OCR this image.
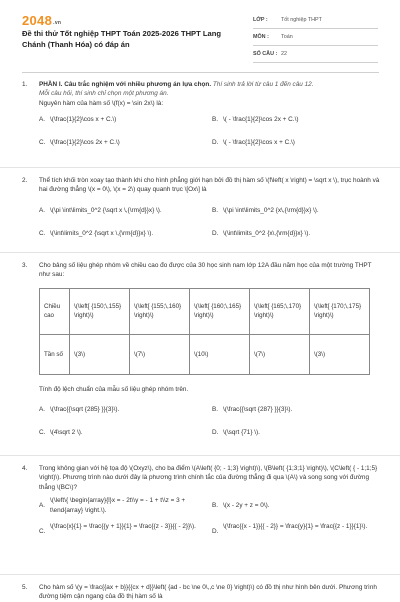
2048.vn
Đề thi thử Tốt nghiệp THPT Toán 2025-2026 THPT Lang Chánh (Thanh Hóa) có đáp án
LỚP :	Tốt nghiệp THPT
MÔN :	Toán
SỐ CÂU : 22
1. PHẦN I. Câu trắc nghiệm với nhiều phương án lựa chọn. Thí sinh trả lời từ câu 1 đến câu 12.
Mỗi câu hỏi, thí sinh chỉ chọn một phương án.
Nguyên hàm của hàm số \(f(x) = \sin 2x\) là:
A. \(\frac{1}{2}\cos x + C.\)	B. \( - \frac{1}{2}\cos 2x + C.\)
C. \(\frac{1}{2}\cos 2x + C.\)	D. \( - \frac{1}{2}\cos x + C.\)
2. Thể tích khối tròn xoay tạo thành khi cho hình phẳng giới hạn bởi đồ thị hàm số \(f\left( x \right) = \sqrt x \), trục hoành và hai đường thẳng \(x = 0\), \(x = 2\) quay quanh trục \[Ox\] là
A. \(\pi \int\limits_0^2 {\sqrt x \,{\rm{d}}x} \).	B. \(\pi \int\limits_0^2 {x\,{\rm{d}}x} \).
C. \(\int\limits_0^2 {\sqrt x \,{\rm{d}}x} \).	D. \(\int\limits_0^2 {x\,{\rm{d}}x} \).
3. Cho bảng số liệu ghép nhóm về chiều cao đo được của 30 học sinh nam lớp 12A đầu năm học của một trường THPT như sau:
Chiều cao	\(\left[ {150;\,155} \right)\)	\(\left[ {155;\,160} \right)\)	\(\left[ {160;\,165} \right)\)	\(\left[ {165;\,170} \right)\)	\(\left[ {170;\,175} \right)\)
Tần số	\(3\)	\(7\)	\(10\)	\(7\)	\(3\)
Tính độ lệch chuẩn của mẫu số liệu ghép nhóm trên.
A. \(\frac{{\sqrt {285} }}{3}\).	B. \(\frac{{\sqrt {287} }}{3}\).
C. \(4\sqrt 2 \).	D. \(\sqrt {71} \).
4. Trong không gian với hệ tọa độ \(Oxyz\), cho ba điểm \(A\left( {0; - 1;3} \right)\), \(B\left( {1;3;1} \right)\), \(C\left( { - 1;1;5} \right)\). Phương trình nào dưới đây là phương trình chính tắc của đường thẳng đi qua \(A\) và song song với đường thẳng \(BC\)?
A.
\(\left\{ \begin{array}{l}x = - 2t\\y = - 1 + t\\z = 3 + t\end{array} \right.\).
B. \(x - 2y + z = 0\).
C.
\(\frac{x}{1} = \frac{{y + 1}}{1} = \frac{{z - 3}}{{ - 2}}\).
D.
\(\frac{{x - 1}}{{ - 2}} = \frac{y}{1} = \frac{{z - 1}}{1}\).
5. Cho hàm số \(y = \frac{{ax + b}}{{cx + d}}\left( {ad - bc \ne 0\,,c \ne 0} \right)\) có đồ thị như hình bên dưới. Phương trình đường tiệm cận ngang của đồ thị hàm số là
